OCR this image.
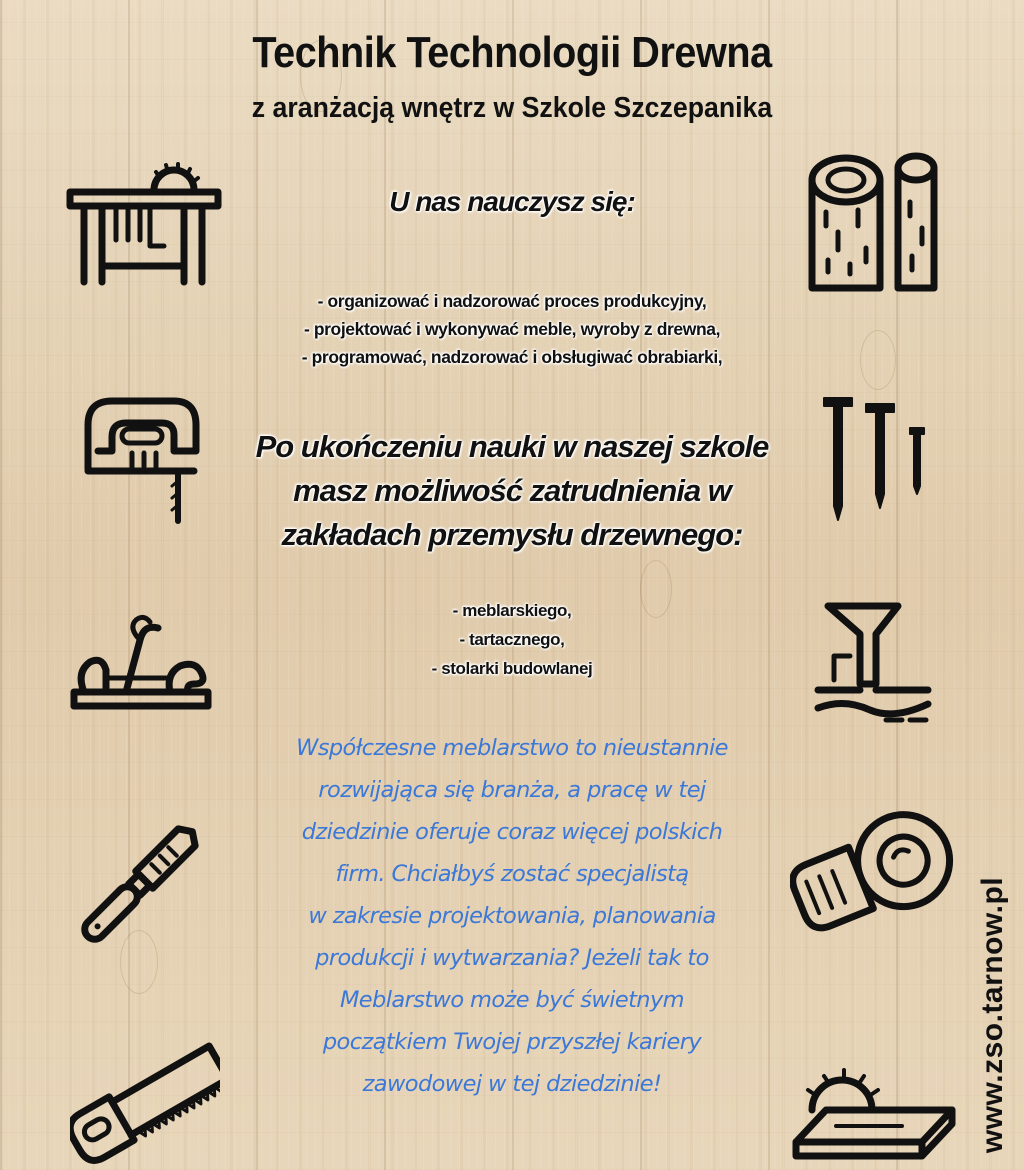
Technik Technologii Drewna
z aranżacją wnętrz w Szkole Szczepanika
U nas nauczysz się:
- organizować i nadzorować proces produkcyjny,
- projektować i wykonywać meble, wyroby z drewna,
- programować, nadzorować i obsługiwać obrabiarki,

Po ukończeniu nauki w naszej szkole
masz możliwość zatrudnienia w
zakładach przemysłu drzewnego:

- meblarskiego,
- tartacznego,
- stolarki budowlanej

Współczesne meblarstwo to nieustannie
rozwijająca się branża, a pracę w tej
dziedzinie oferuje coraz więcej polskich
firm. Chciałbyś zostać specjalistą
w zakresie projektowania, planowania
produkcji i wytwarzania? Jeżeli tak to
Meblarstwo może być świetnym
początkiem Twojej przyszłej kariery
zawodowej w tej dziedzinie!	www.zso.tarnow.pl
